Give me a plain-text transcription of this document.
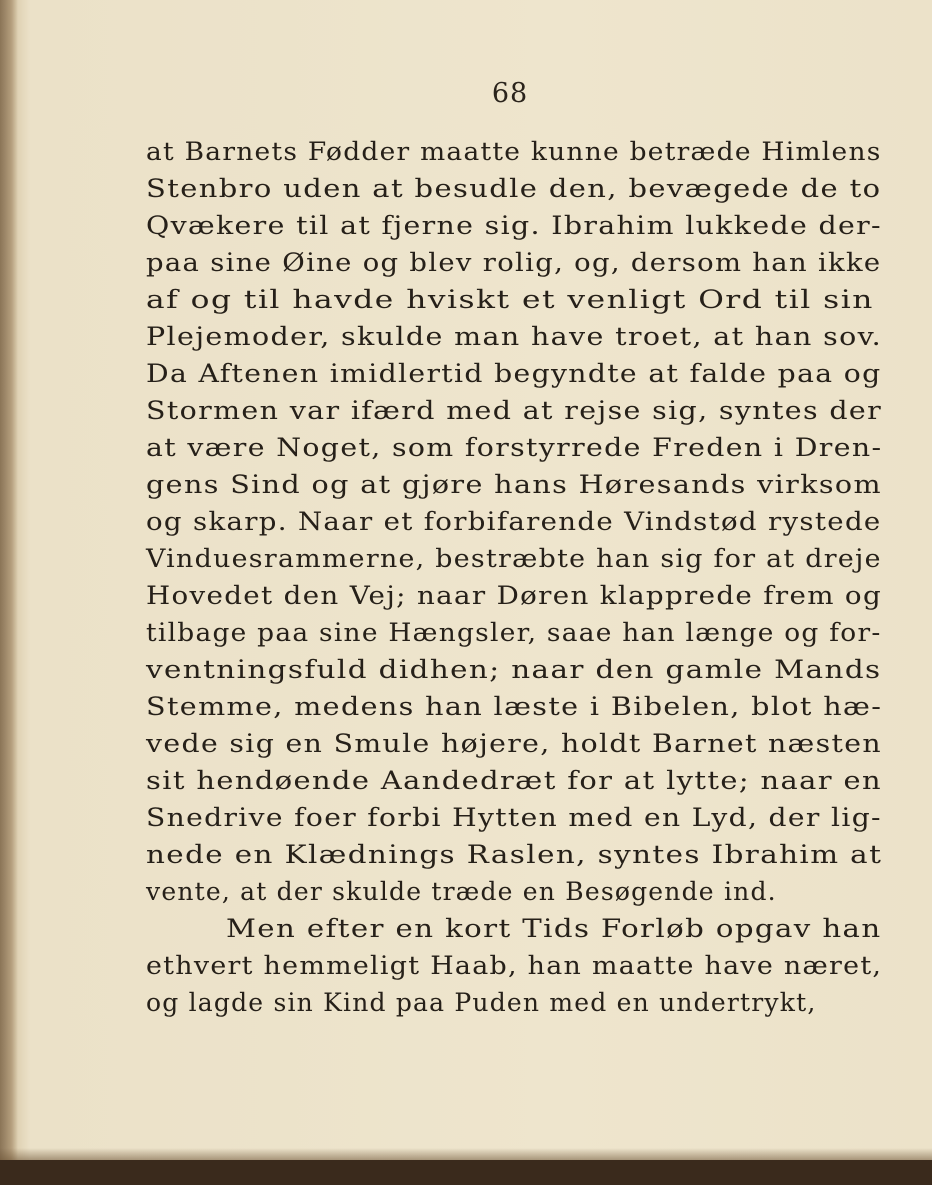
68
at Barnets Fødder maatte kunne betræde Himlens
Stenbro uden at besudle den, bevægede de to
Qvækere til at fjerne sig. Ibrahim lukkede der-
paa sine Øine og blev rolig, og, dersom han ikke
af og til havde hviskt et venligt Ord til sin
Plejemoder, skulde man have troet, at han sov.
Da Aftenen imidlertid begyndte at falde paa og
Stormen var ifærd med at rejse sig, syntes der
at være Noget, som forstyrrede Freden i Dren-
gens Sind og at gjøre hans Høresands virksom
og skarp. Naar et forbifarende Vindstød rystede
Vinduesrammerne, bestræbte han sig for at dreje
Hovedet den Vej; naar Døren klapprede frem og
tilbage paa sine Hængsler, saae han længe og for-
ventningsfuld didhen; naar den gamle Mands
Stemme, medens han læste i Bibelen, blot hæ-
vede sig en Smule højere, holdt Barnet næsten
sit hendøende Aandedræt for at lytte; naar en
Snedrive foer forbi Hytten med en Lyd, der lig-
nede en Klædnings Raslen, syntes Ibrahim at
vente, at der skulde træde en Besøgende ind.
Men efter en kort Tids Forløb opgav han
ethvert hemmeligt Haab, han maatte have næret,
og lagde sin Kind paa Puden med en undertrykt,
